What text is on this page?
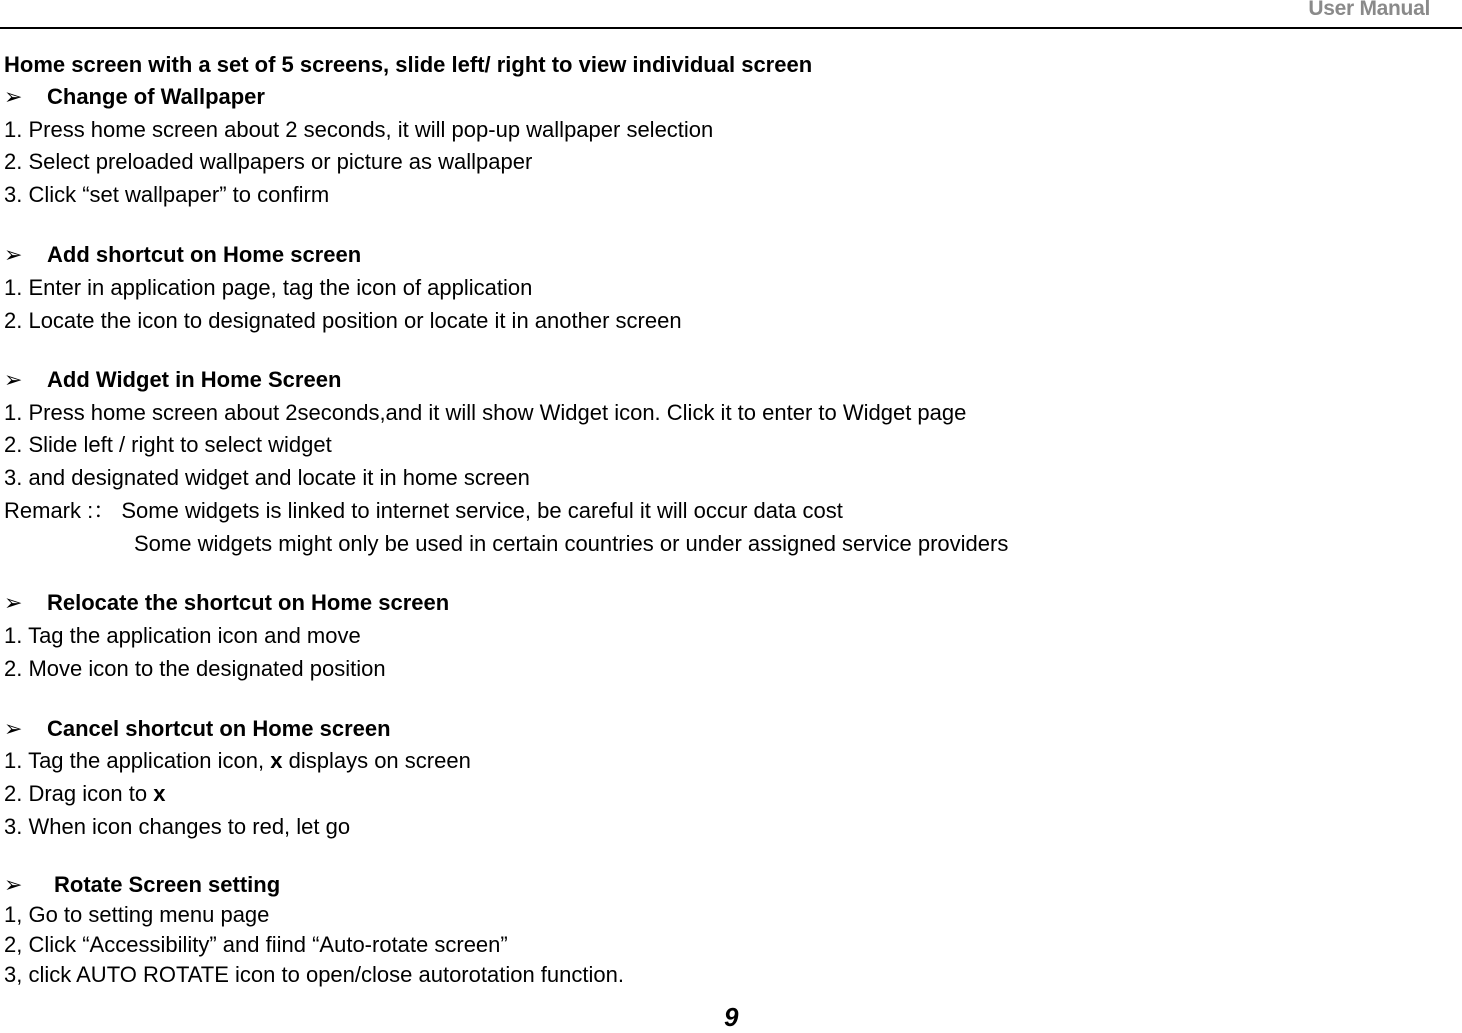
User Manual
Home screen with a set of 5 screens, slide left/ right to view individual screen
➢ Change of Wallpaper
1. Press home screen about 2 seconds, it will pop-up wallpaper selection
2. Select preloaded wallpapers or picture as wallpaper
3. Click “set wallpaper” to confirm
➢ Add shortcut on Home screen
1. Enter in application page, tag the icon of application
2. Locate the icon to designated position or locate it in another screen
➢ Add Widget in Home Screen
1. Press home screen about 2seconds,and it will show Widget icon. Click it to enter to Widget page
2. Slide left / right to select widget
3. and designated widget and locate it in home screen
Remark :： Some widgets is linked to internet service, be careful it will occur data cost
Some widgets might only be used in certain countries or under assigned service providers
➢ Relocate the shortcut on Home screen
1. Tag the application icon and move
2. Move icon to the designated position
➢ Cancel shortcut on Home screen
1. Tag the application icon, x displays on screen
2. Drag icon to x
3. When icon changes to red, let go
➢ Rotate Screen setting
1, Go to setting menu page
2, Click “Accessibility” and fiind “Auto-rotate screen”
3, click AUTO ROTATE icon to open/close autorotation function.
9
